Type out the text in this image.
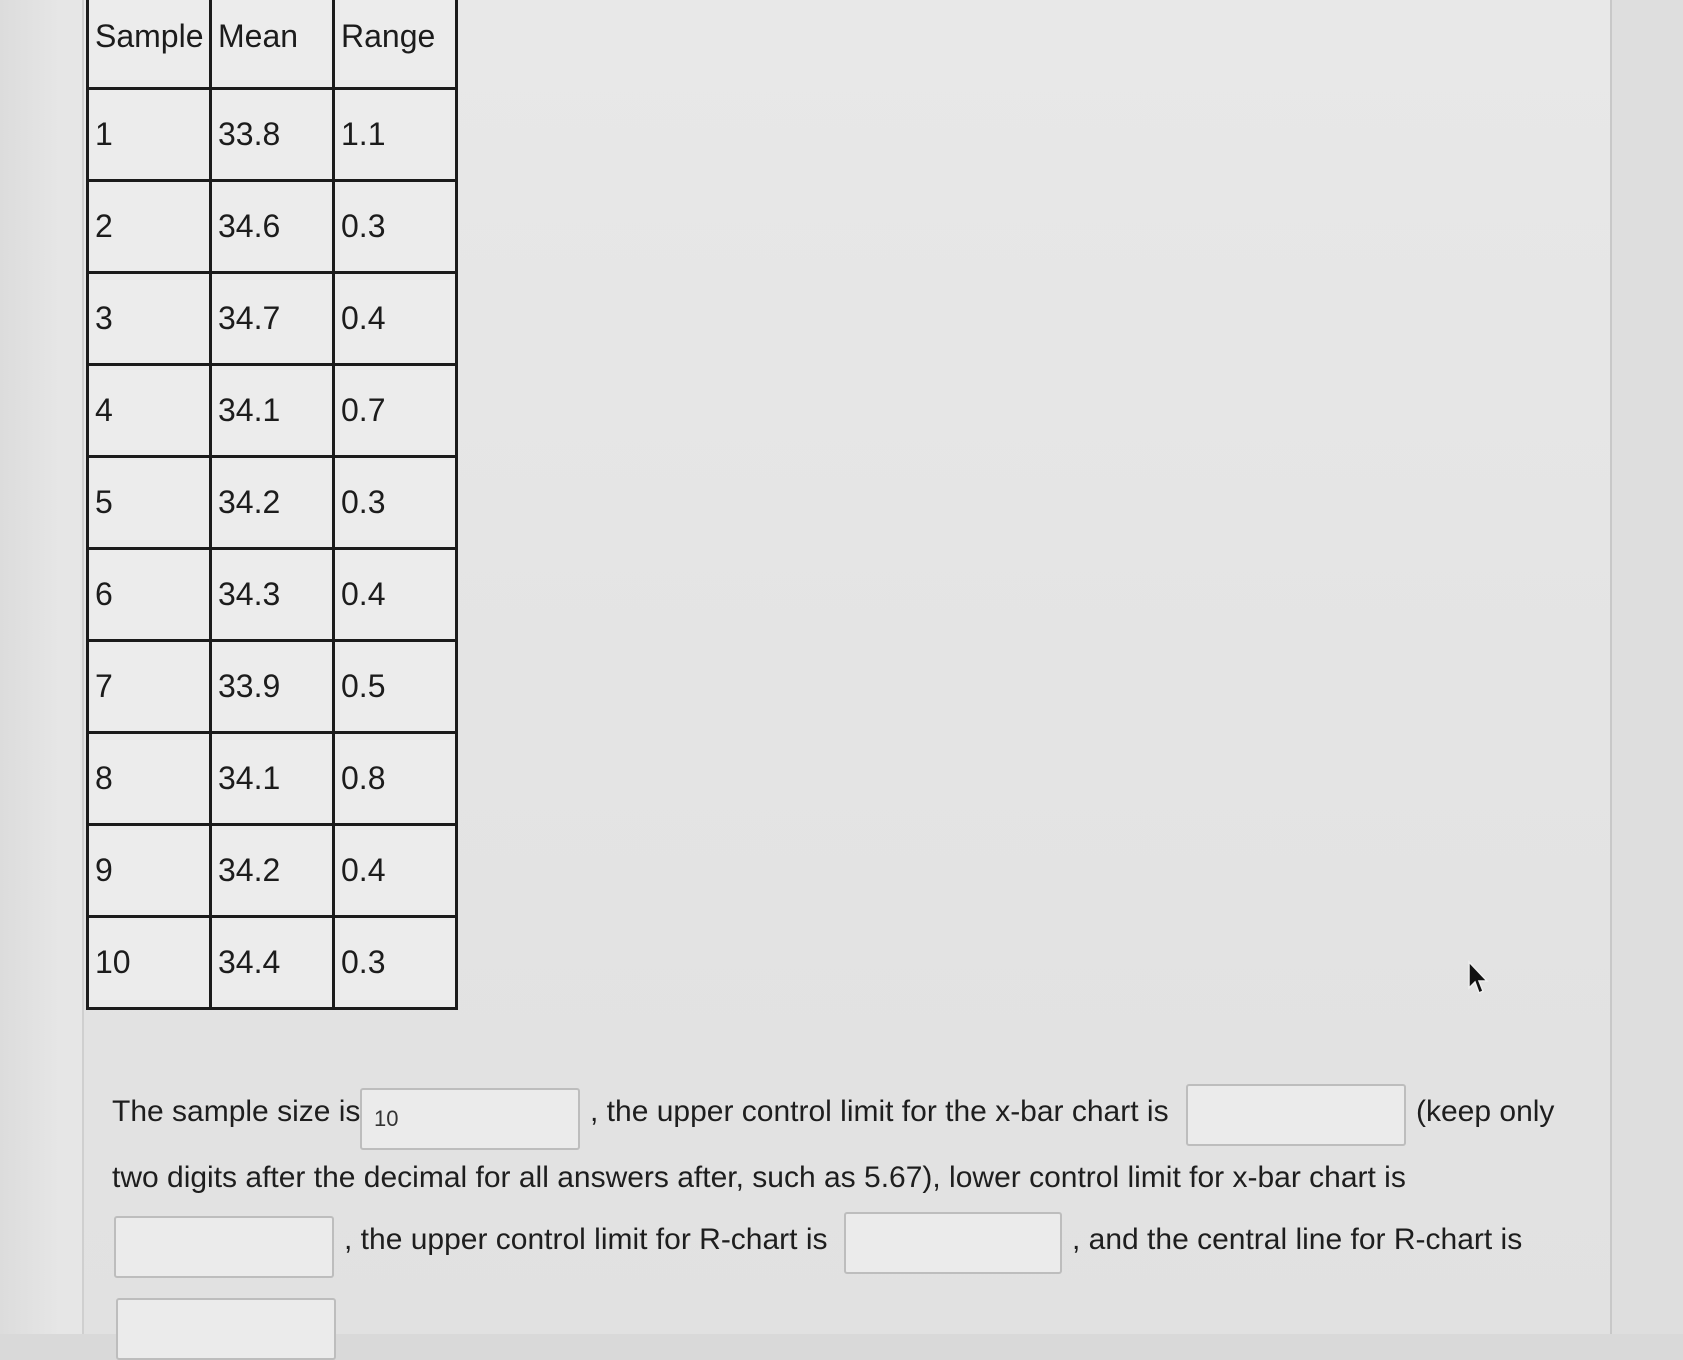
Sample	Mean	Range
1	33.8	1.1
2	34.6	0.3
3	34.7	0.4
4	34.1	0.7
5	34.2	0.3
6	34.3	0.4
7	33.9	0.5
8	34.1	0.8
9	34.2	0.4
10	34.4	0.3
The sample size is 10	, the upper control limit for the x-bar chart is	(keep only
two digits after the decimal for all answers after, such as 5.67), lower control limit for x-bar chart is
, the upper control limit for R-chart is	, and the central line for R-chart is
